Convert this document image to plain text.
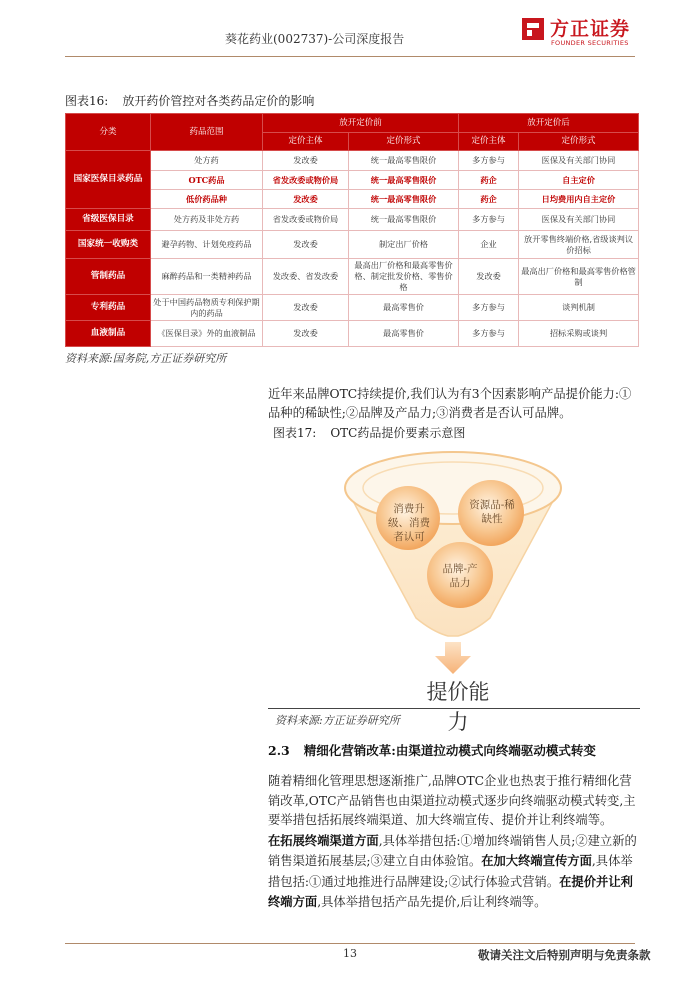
葵花药业(002737)-公司深度报告	方正证券
FOUNDER SECURITIES
图表16: 放开药价管控对各类药品定价的影响
分类	药品范围	放开定价前		放开定价后	
		定价主体	定价形式	定价主体	定价形式
国家医保目录药品	处方药	发改委	统一最高零售限价	多方参与	医保及有关部门协同
	OTC药品	省发改委或物价局	统一最高零售限价	药企	自主定价
	低价药品种	发改委	统一最高零售限价	药企	日均费用内自主定价
省级医保目录	处方药及非处方药	省发改委或物价局	统一最高零售限价	多方参与	医保及有关部门协同
国家统一收购类	避孕药物、计划免疫药品	发改委	制定出厂价格	企业	放开零售终端价格,省级谈判议价招标
管制药品	麻醉药品和一类精神药品	发改委、省发改委	最高出厂价格和最高零售价格、制定批发价格、零售价格	发改委	最高出厂价格和最高零售价格管制
专利药品	处于中国药品物质专利保护期内的药品	发改委	最高零售价	多方参与	谈判机制
血液制品	《医保目录》外的血液制品	发改委	最高零售价	多方参与	招标采购或谈判
资料来源:国务院,方正证券研究所
近年来品牌OTC持续提价,我们认为有3个因素影响产品提价能力:①品种的稀缺性;②品牌及产品力;③消费者是否认可品牌。
图表17: OTC药品提价要素示意图
消费升级、消费者认可
资源品-稀缺性
品牌-产品力
提价能力
资料来源:方正证券研究所
2.3 精细化营销改革:由渠道拉动模式向终端驱动模式转变
随着精细化管理思想逐渐推广,品牌OTC企业也热衷于推行精细化营销改革,OTC产品销售也由渠道拉动模式逐步向终端驱动模式转变,主要举措包括拓展终端渠道、加大终端宣传、提价并让利终端等。
在拓展终端渠道方面,具体举措包括:①增加终端销售人员;②建立新的销售渠道拓展基层;③建立自由体验馆。在加大终端宣传方面,具体举措包括:①通过地推进行品牌建设;②试行体验式营销。在提价并让利终端方面,具体举措包括产品先提价,后让利终端等。
13	敬请关注文后特别声明与免责条款
